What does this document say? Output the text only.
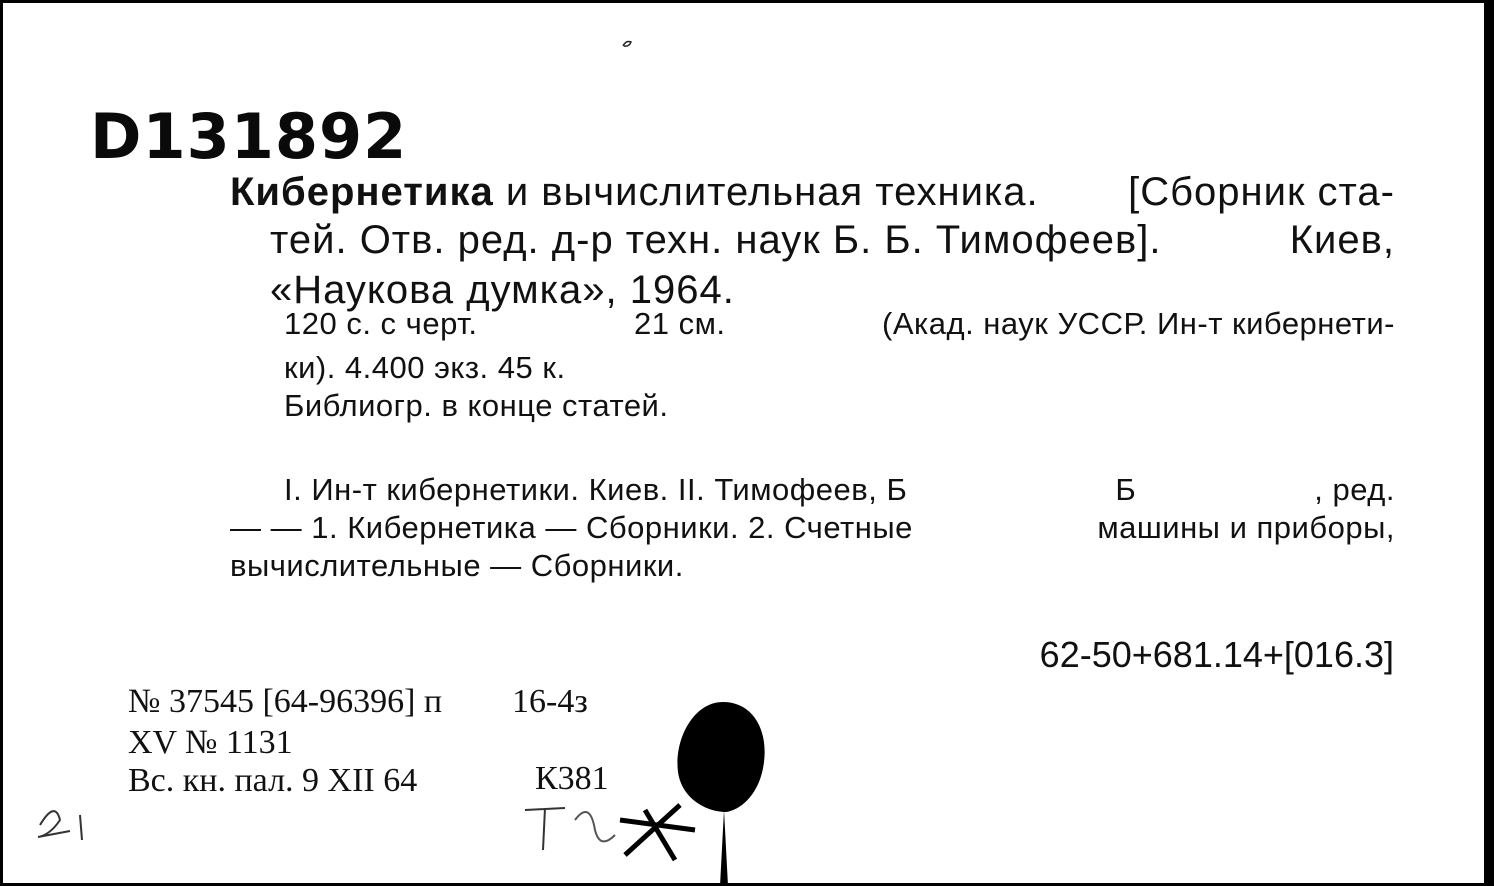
D131892
Кибернетика и вычислительная техника. [Сборник ста-
тей. Отв. ред. д-р техн. наук Б. Б. Тимофеев].	Киев,
«Наукова думка», 1964.
120 с. с черт.	21 см.	(Акад. наук УССР. Ин-т кибернети-
ки). 4.400 экз. 45 к.
Библиогр. в конце статей.
I. Ин-т кибернетики. Киев. II. Тимофеев, Б	Б	, ред.
— — 1. Кибернетика — Сборники. 2. Счетные	машины и приборы,
вычислительные — Сборники.
62-50+681.14+[016.3]
№ 37545 [64-96396] п 16-4з
XV № 1131
Вс. кн. пал. 9 XII 64	К381
